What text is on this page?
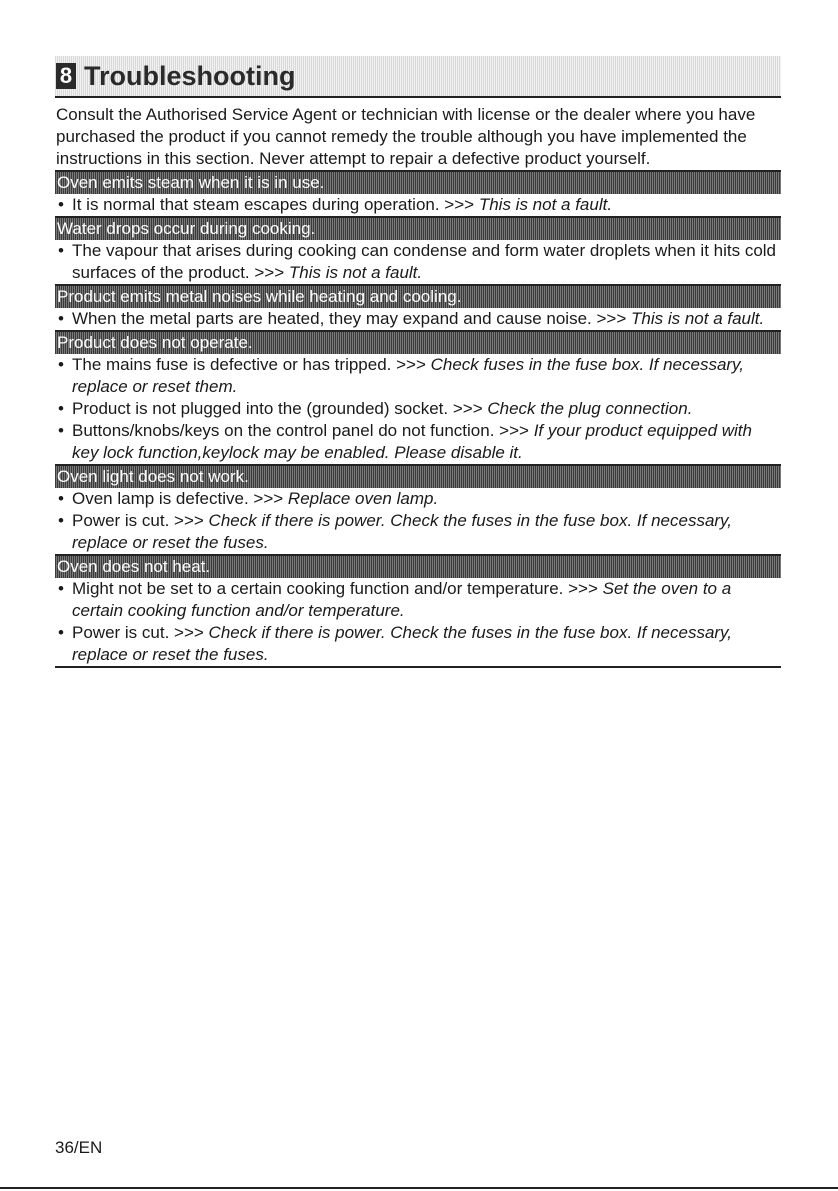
8 Troubleshooting
Consult the Authorised Service Agent or technician with license or the dealer where you have purchased the product if you cannot remedy the trouble although you have implemented the instructions in this section. Never attempt to repair a defective product yourself.
Oven emits steam when it is in use.
• It is normal that steam escapes during operation. >>> This is not a fault.
Water drops occur during cooking.
• The vapour that arises during cooking can condense and form water droplets when it hits cold surfaces of the product. >>> This is not a fault.
Product emits metal noises while heating and cooling.
• When the metal parts are heated, they may expand and cause noise. >>> This is not a fault.
Product does not operate.
• The mains fuse is defective or has tripped. >>> Check fuses in the fuse box. If necessary, replace or reset them.
• Product is not plugged into the (grounded) socket. >>> Check the plug connection.
• Buttons/knobs/keys on the control panel do not function. >>> If your product equipped with key lock function,keylock may be enabled. Please disable it.
Oven light does not work.
• Oven lamp is defective. >>> Replace oven lamp.
• Power is cut. >>> Check if there is power. Check the fuses in the fuse box. If necessary, replace or reset the fuses.
Oven does not heat.
• Might not be set to a certain cooking function and/or temperature. >>> Set the oven to a certain cooking function and/or temperature.
• Power is cut. >>> Check if there is power. Check the fuses in the fuse box. If necessary, replace or reset the fuses.
36/EN
